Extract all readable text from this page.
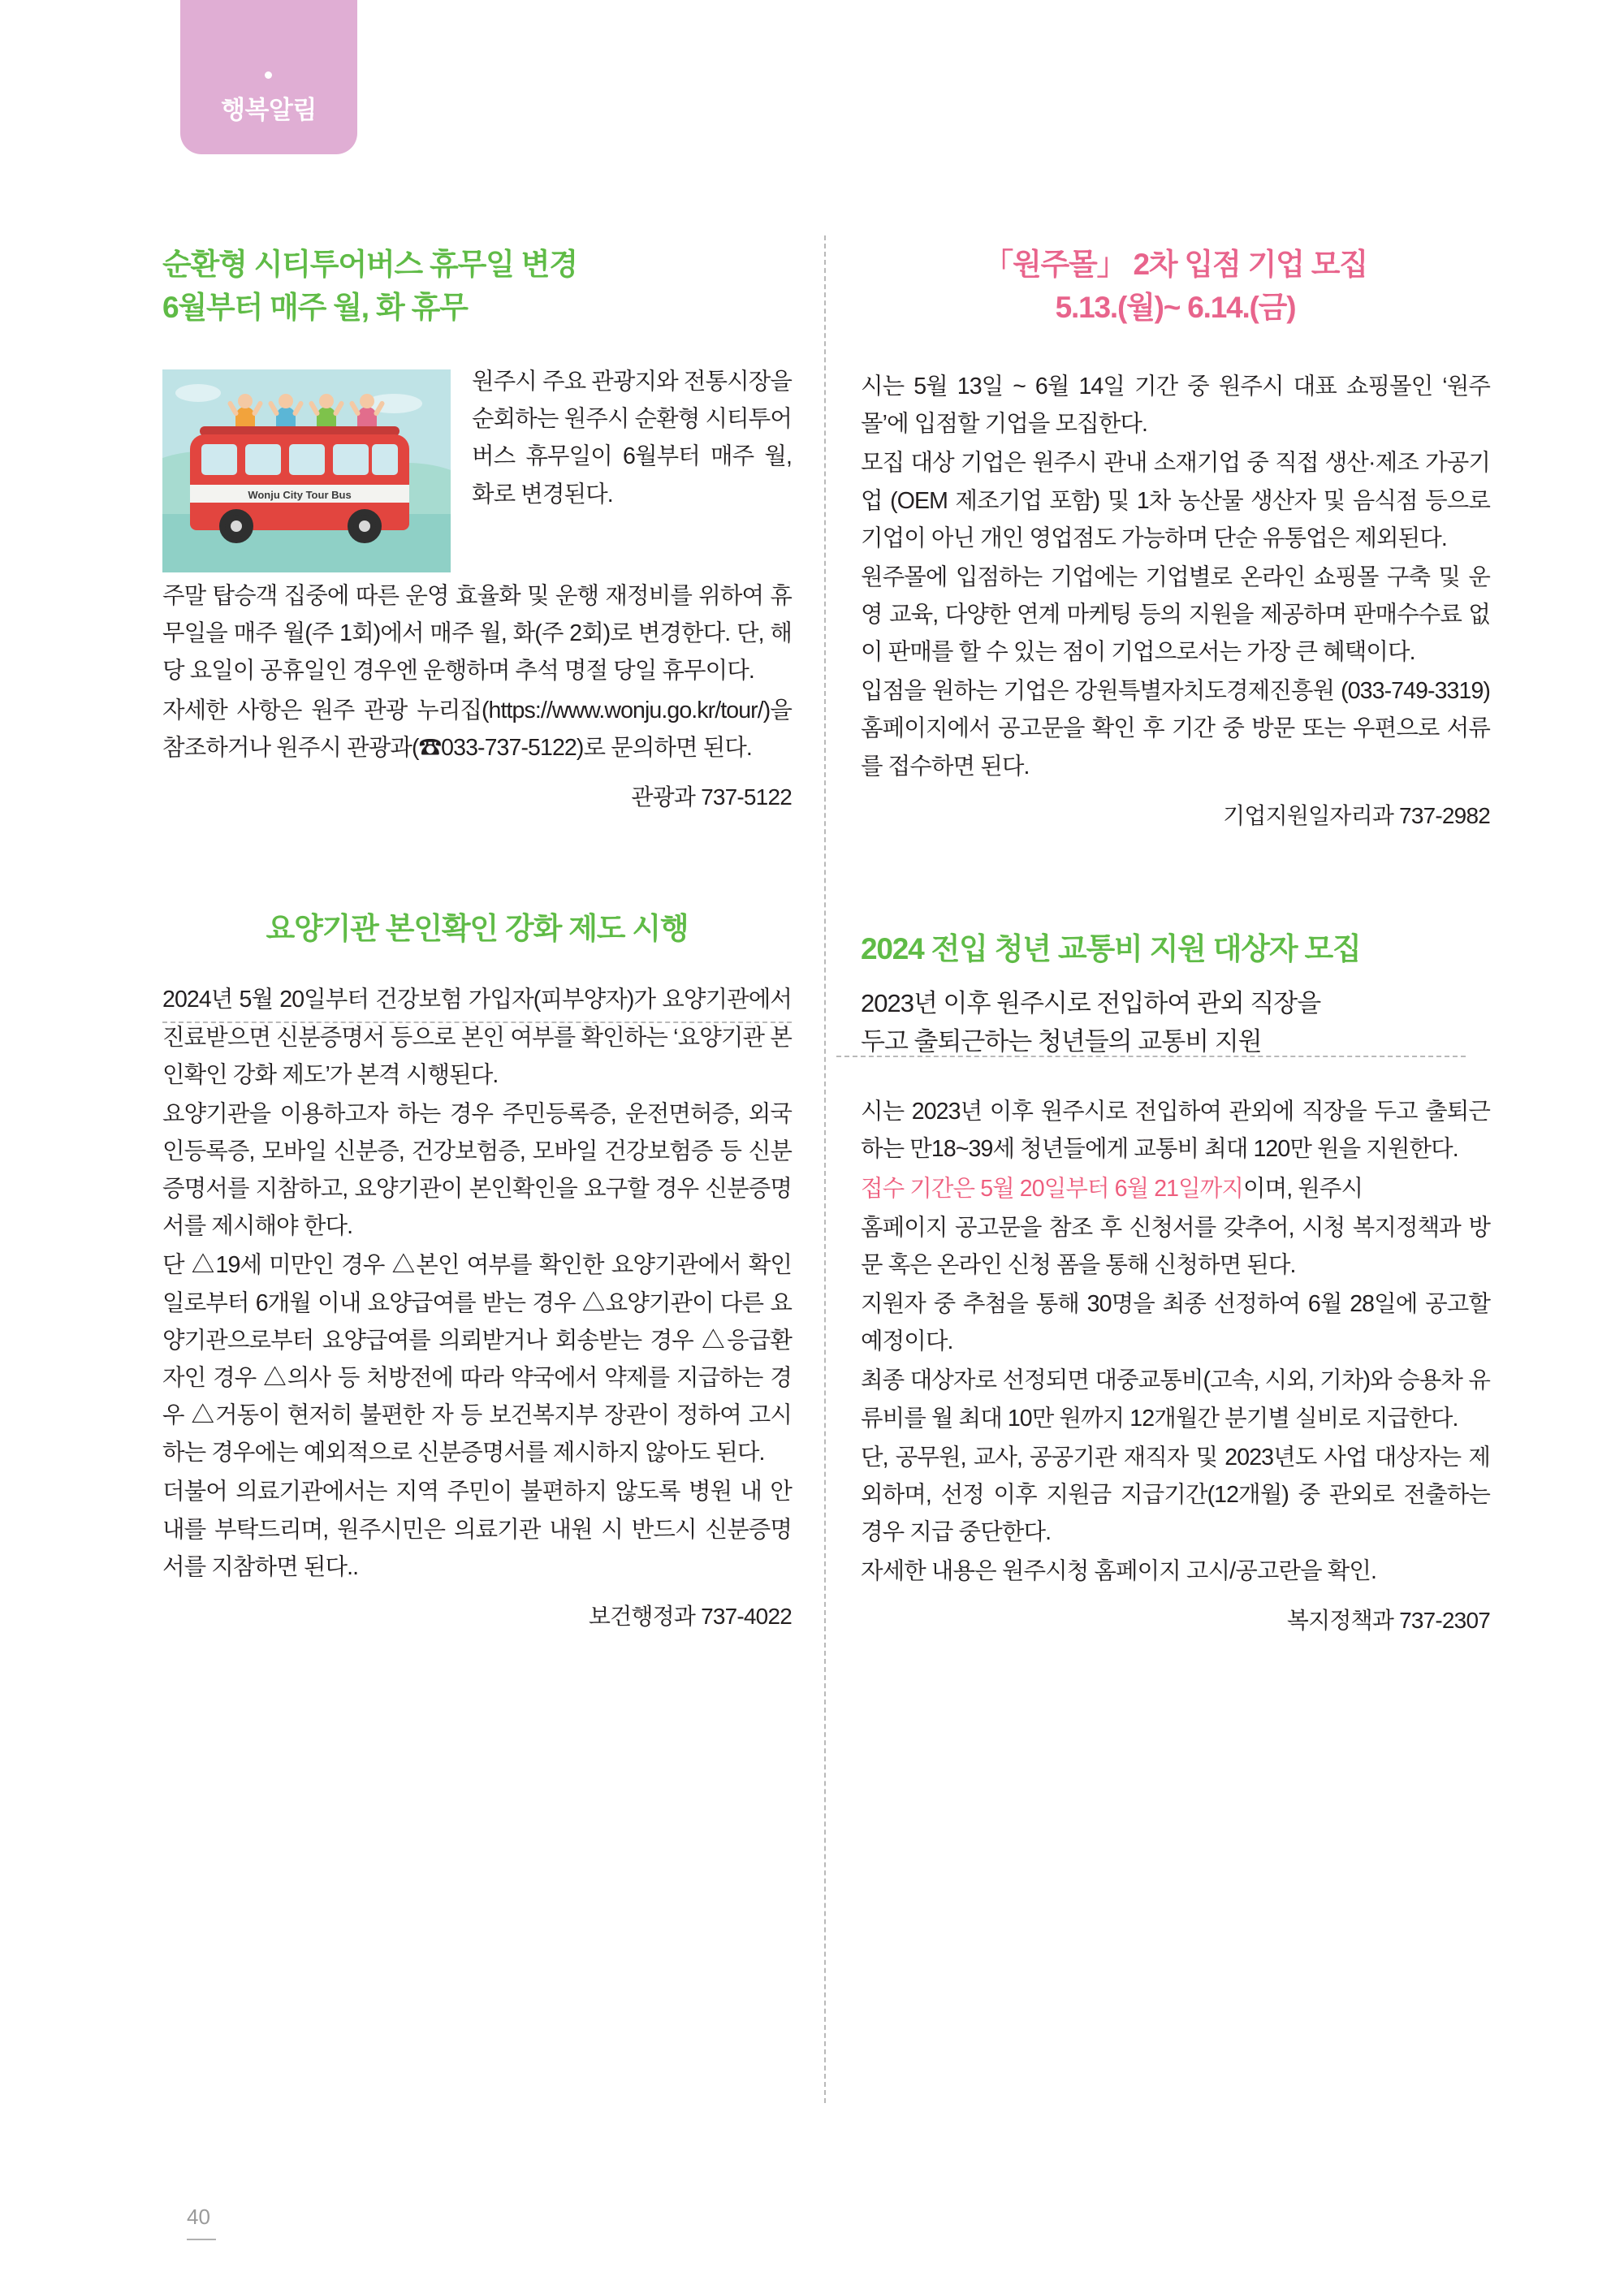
행복알림
순환형 시티투어버스 휴무일 변경
6월부터 매주 월, 화 휴무
Wonju City Tour Bus

원주시 주요 관광지와 전통시장을 순회하는 원주시 순환형 시티투어버스 휴무일이 6월부터 매주 월, 화로 변경된다.

주말 탑승객 집중에 따른 운영 효율화 및 운행 재정비를 위하여 휴무일을 매주 월(주 1회)에서 매주 월, 화(주 2회)로 변경한다. 단, 해당 요일이 공휴일인 경우엔 운행하며 추석 명절 당일 휴무이다.

자세한 사항은 원주 관광 누리집(https://www.wonju.go.kr/tour/)을 참조하거나 원주시 관광과(☎033-737-5122)로 문의하면 된다.

관광과 737-5122
요양기관 본인확인 강화 제도 시행

2024년 5월 20일부터 건강보험 가입자(피부양자)가 요양기관에서 진료받으면 신분증명서 등으로 본인 여부를 확인하는 ‘요양기관 본인확인 강화 제도’가 본격 시행된다.

요양기관을 이용하고자 하는 경우 주민등록증, 운전면허증, 외국인등록증, 모바일 신분증, 건강보험증, 모바일 건강보험증 등 신분증명서를 지참하고, 요양기관이 본인확인을 요구할 경우 신분증명서를 제시해야 한다.

단 △19세 미만인 경우 △본인 여부를 확인한 요양기관에서 확인일로부터 6개월 이내 요양급여를 받는 경우 △요양기관이 다른 요양기관으로부터 요양급여를 의뢰받거나 회송받는 경우 △응급환자인 경우 △의사 등 처방전에 따라 약국에서 약제를 지급하는 경우 △거동이 현저히 불편한 자 등 보건복지부 장관이 정하여 고시하는 경우에는 예외적으로 신분증명서를 제시하지 않아도 된다.

더불어 의료기관에서는 지역 주민이 불편하지 않도록 병원 내 안내를 부탁드리며, 원주시민은 의료기관 내원 시 반드시 신분증명서를 지참하면 된다..

보건행정과 737-4022
「원주몰」 2차 입점 기업 모집
5.13.(월)~ 6.14.(금)

시는 5월 13일 ~ 6월 14일 기간 중 원주시 대표 쇼핑몰인 ‘원주몰’에 입점할 기업을 모집한다.

모집 대상 기업은 원주시 관내 소재기업 중 직접 생산·제조 가공기업 (OEM 제조기업 포함) 및 1차 농산물 생산자 및 음식점 등으로 기업이 아닌 개인 영업점도 가능하며 단순 유통업은 제외된다.

원주몰에 입점하는 기업에는 기업별로 온라인 쇼핑몰 구축 및 운영 교육, 다양한 연계 마케팅 등의 지원을 제공하며 판매수수료 없이 판매를 할 수 있는 점이 기업으로서는 가장 큰 혜택이다.

입점을 원하는 기업은 강원특별자치도경제진흥원 (033-749-3319) 홈페이지에서 공고문을 확인 후 기간 중 방문 또는 우편으로 서류를 접수하면 된다.

기업지원일자리과 737-2982
2024 전입 청년 교통비 지원 대상자 모집
2023년 이후 원주시로 전입하여 관외 직장을
두고 출퇴근하는 청년들의 교통비 지원

시는 2023년 이후 원주시로 전입하여 관외에 직장을 두고 출퇴근하는 만18~39세 청년들에게 교통비 최대 120만 원을 지원한다.

접수 기간은 5월 20일부터 6월 21일까지이며, 원주시

홈페이지 공고문을 참조 후 신청서를 갖추어, 시청 복지정책과 방문 혹은 온라인 신청 폼을 통해 신청하면 된다.

지원자 중 추첨을 통해 30명을 최종 선정하여 6월 28일에 공고할 예정이다.

최종 대상자로 선정되면 대중교통비(고속, 시외, 기차)와 승용차 유류비를 월 최대 10만 원까지 12개월간 분기별 실비로 지급한다.

단, 공무원, 교사, 공공기관 재직자 및 2023년도 사업 대상자는 제외하며, 선정 이후 지원금 지급기간(12개월) 중 관외로 전출하는 경우 지급 중단한다.

자세한 내용은 원주시청 홈페이지 고시/공고란을 확인.

복지정책과 737-2307
40
